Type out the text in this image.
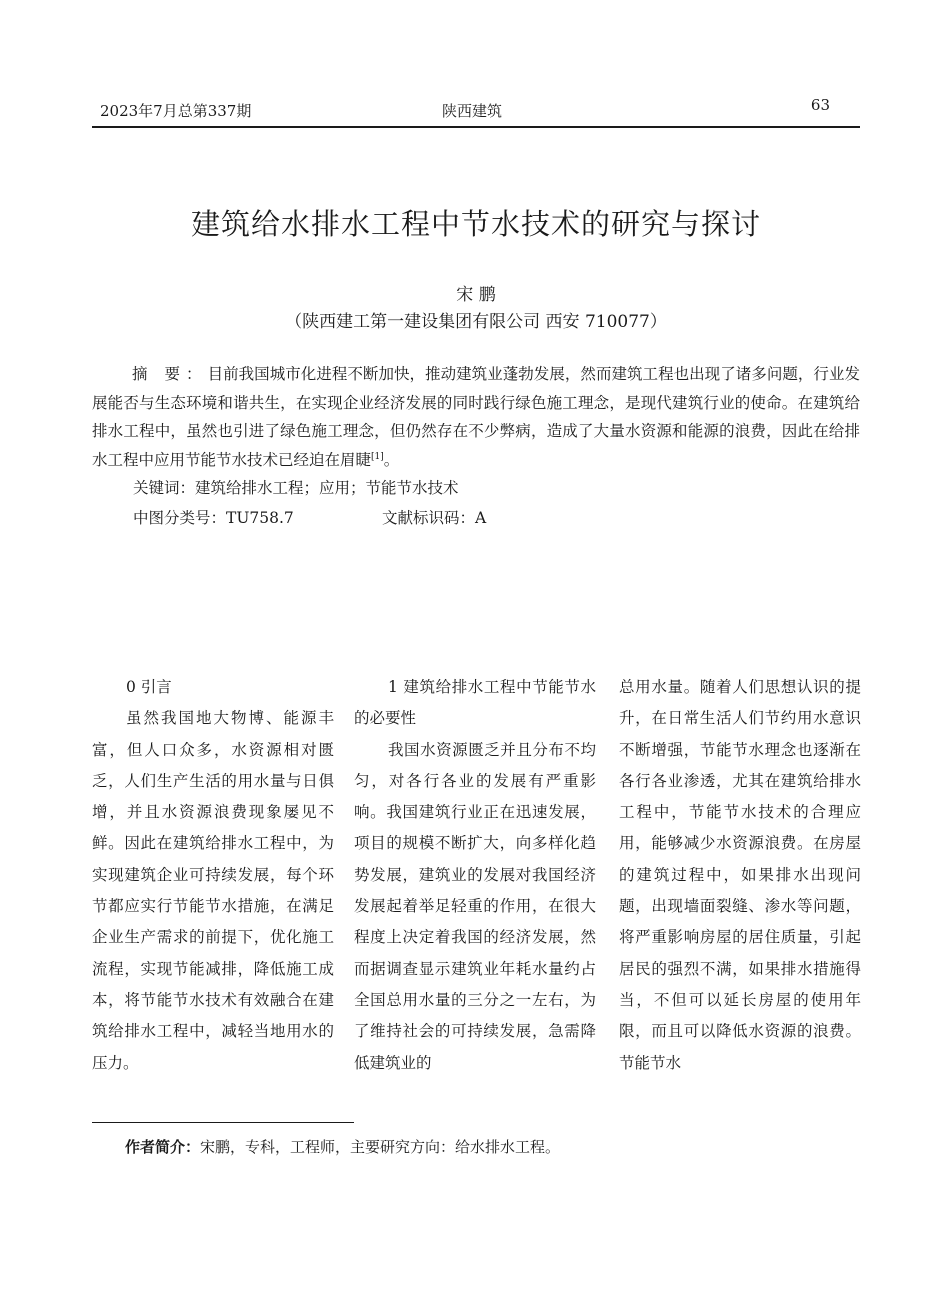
2023年7月总第337期	陕西建筑	63
建筑给水排水工程中节水技术的研究与探讨
宋 鹏
（陕西建工第一建设集团有限公司 西安 710077）

摘 要：目前我国城市化进程不断加快，推动建筑业蓬勃发展，然而建筑工程也出现了诸多问题，行业发展能否与生态环境和谐共生，在实现企业经济发展的同时践行绿色施工理念，是现代建筑行业的使命。在建筑给排水工程中，虽然也引进了绿色施工理念，但仍然存在不少弊病，造成了大量水资源和能源的浪费，因此在给排水工程中应用节能节水技术已经迫在眉睫[1]。

关键词：建筑给排水工程；应用；节能节水技术
中图分类号：TU758.7	文献标识码：A

0 引言

虽然我国地大物博、能源丰富，但人口众多，水资源相对匮乏，人们生产生活的用水量与日俱增，并且水资源浪费现象屡见不鲜。因此在建筑给排水工程中，为实现建筑企业可持续发展，每个环节都应实行节能节水措施，在满足企业生产需求的前提下，优化施工流程，实现节能减排，降低施工成本，将节能节水技术有效融合在建筑给排水工程中，减轻当地用水的压力。

1 建筑给排水工程中节能节水的必要性

我国水资源匮乏并且分布不均匀，对各行各业的发展有严重影响。我国建筑行业正在迅速发展，项目的规模不断扩大，向多样化趋势发展，建筑业的发展对我国经济发展起着举足轻重的作用，在很大程度上决定着我国的经济发展，然而据调查显示建筑业年耗水量约占全国总用水量的三分之一左右，为了维持社会的可持续发展，急需降低建筑业的

总用水量。随着人们思想认识的提升，在日常生活人们节约用水意识不断增强，节能节水理念也逐渐在各行各业渗透，尤其在建筑给排水工程中，节能节水技术的合理应用，能够减少水资源浪费。在房屋的建筑过程中，如果排水出现问题，出现墙面裂缝、渗水等问题，将严重影响房屋的居住质量，引起居民的强烈不满，如果排水措施得当，不但可以延长房屋的使用年限，而且可以降低水资源的浪费。节能节水

作者简介：宋鹏，专科，工程师，主要研究方向：给水排水工程。
